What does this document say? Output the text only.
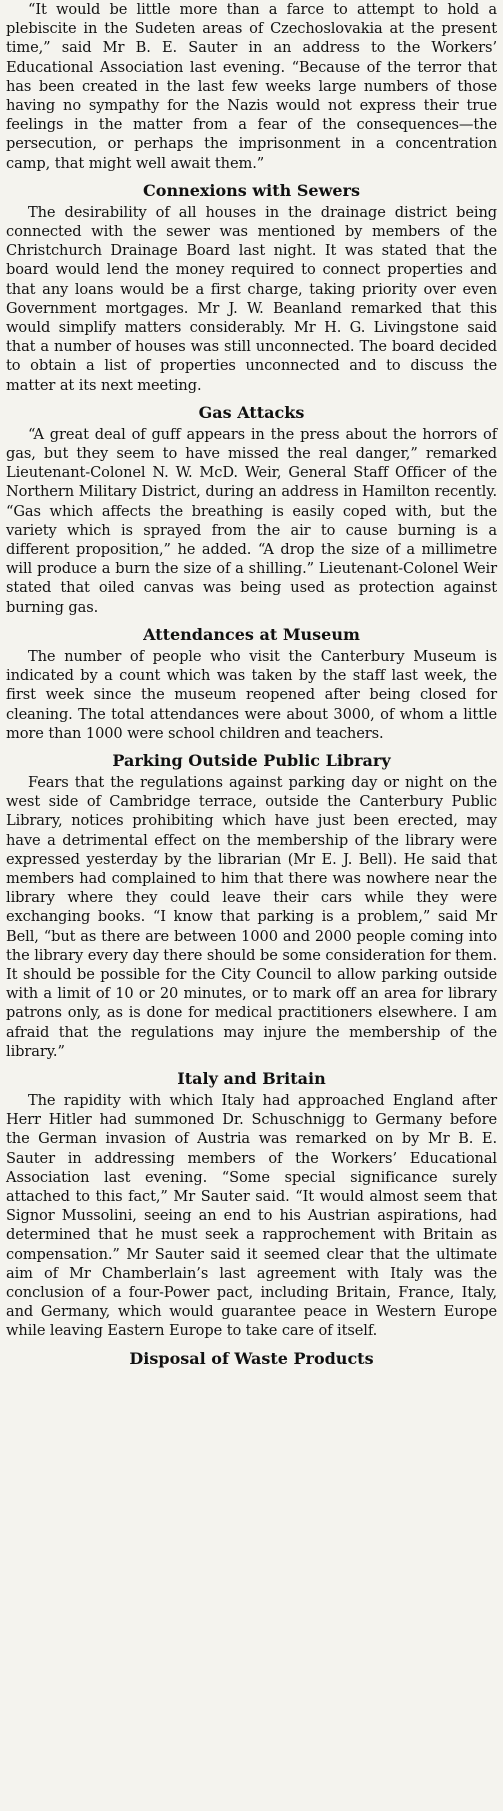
“It would be little more than a farce to attempt to hold a plebiscite in the Sudeten areas of Czechoslovakia at the present time,” said Mr B. E. Sauter in an address to the Workers’ Educational Association last evening. “Because of the terror that has been created in the last few weeks large numbers of those having no sympathy for the Nazis would not express their true feelings in the matter from a fear of the consequences—the persecution, or perhaps the imprisonment in a concentration camp, that might well await them.”

Connexions with Sewers

The desirability of all houses in the drainage district being connected with the sewer was mentioned by members of the Christchurch Drainage Board last night. It was stated that the board would lend the money required to connect properties and that any loans would be a first charge, taking priority over even Government mortgages. Mr J. W. Beanland remarked that this would simplify matters considerably. Mr H. G. Livingstone said that a number of houses was still unconnected. The board decided to obtain a list of properties unconnected and to discuss the matter at its next meeting.

Gas Attacks

“A great deal of guff appears in the press about the horrors of gas, but they seem to have missed the real danger,” remarked Lieutenant-Colonel N. W. McD. Weir, General Staff Officer of the Northern Military District, during an address in Hamilton recently. “Gas which affects the breathing is easily coped with, but the variety which is sprayed from the air to cause burning is a different proposition,” he added. “A drop the size of a millimetre will produce a burn the size of a shilling.” Lieutenant-Colonel Weir stated that oiled canvas was being used as protection against burning gas.

Attendances at Museum

The number of people who visit the Canterbury Museum is indicated by a count which was taken by the staff last week, the first week since the museum reopened after being closed for cleaning. The total attendances were about 3000, of whom a little more than 1000 were school children and teachers.

Parking Outside Public Library

Fears that the regulations against parking day or night on the west side of Cambridge terrace, outside the Canterbury Public Library, notices prohibiting which have just been erected, may have a detrimental effect on the membership of the library were expressed yesterday by the librarian (Mr E. J. Bell). He said that members had complained to him that there was nowhere near the library where they could leave their cars while they were exchanging books. “I know that parking is a problem,” said Mr Bell, “but as there are between 1000 and 2000 people coming into the library every day there should be some consideration for them. It should be possible for the City Council to allow parking outside with a limit of 10 or 20 minutes, or to mark off an area for library patrons only, as is done for medical practitioners elsewhere. I am afraid that the regulations may injure the membership of the library.”

Italy and Britain

The rapidity with which Italy had approached England after Herr Hitler had summoned Dr. Schuschnigg to Germany before the German invasion of Austria was remarked on by Mr B. E. Sauter in addressing members of the Workers’ Educational Association last evening. “Some special significance surely attached to this fact,” Mr Sauter said. “It would almost seem that Signor Mussolini, seeing an end to his Austrian aspirations, had determined that he must seek a rapprochement with Britain as compensation.” Mr Sauter said it seemed clear that the ultimate aim of Mr Chamberlain’s last agreement with Italy was the conclusion of a four-Power pact, including Britain, France, Italy, and Germany, which would guarantee peace in Western Europe while leaving Eastern Europe to take care of itself.

Disposal of Waste Products
